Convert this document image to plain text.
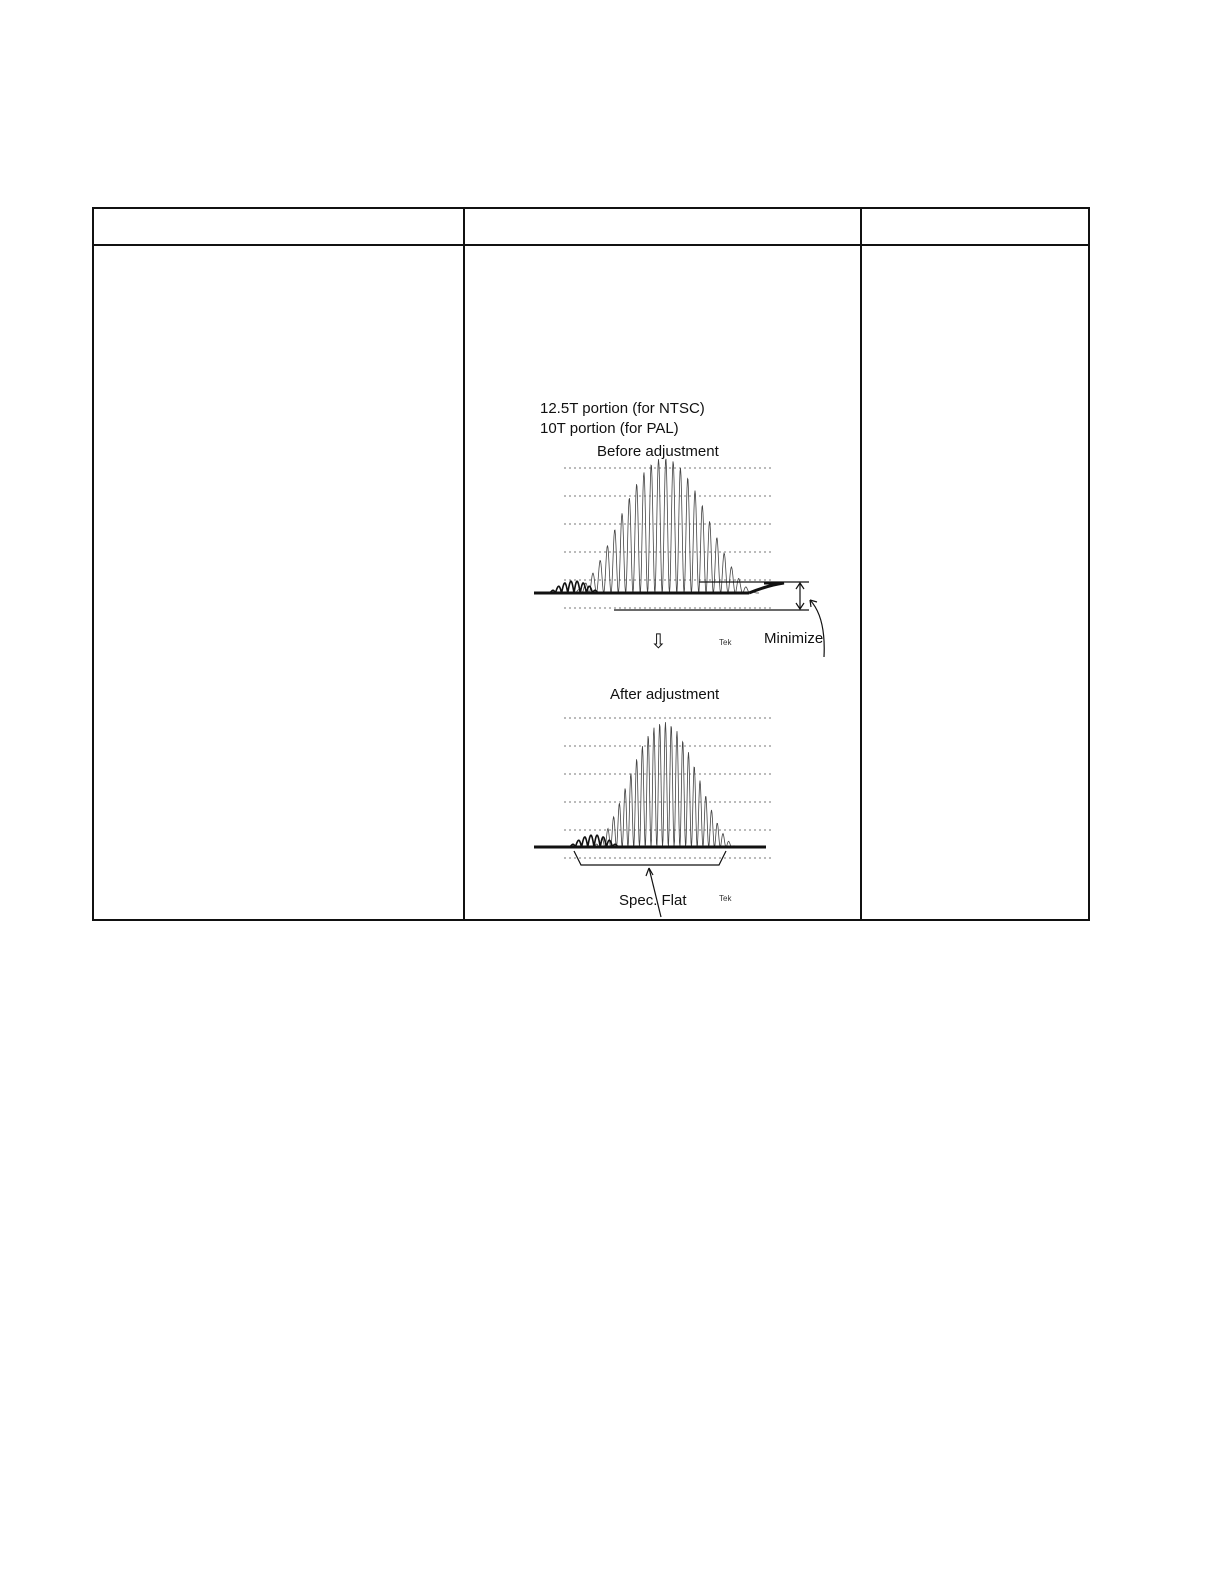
12.5T portion (for NTSC)
10T portion (for PAL)
Before adjustment
Tek Minimize
⇩
After adjustment
Tek
Spec. Flat
